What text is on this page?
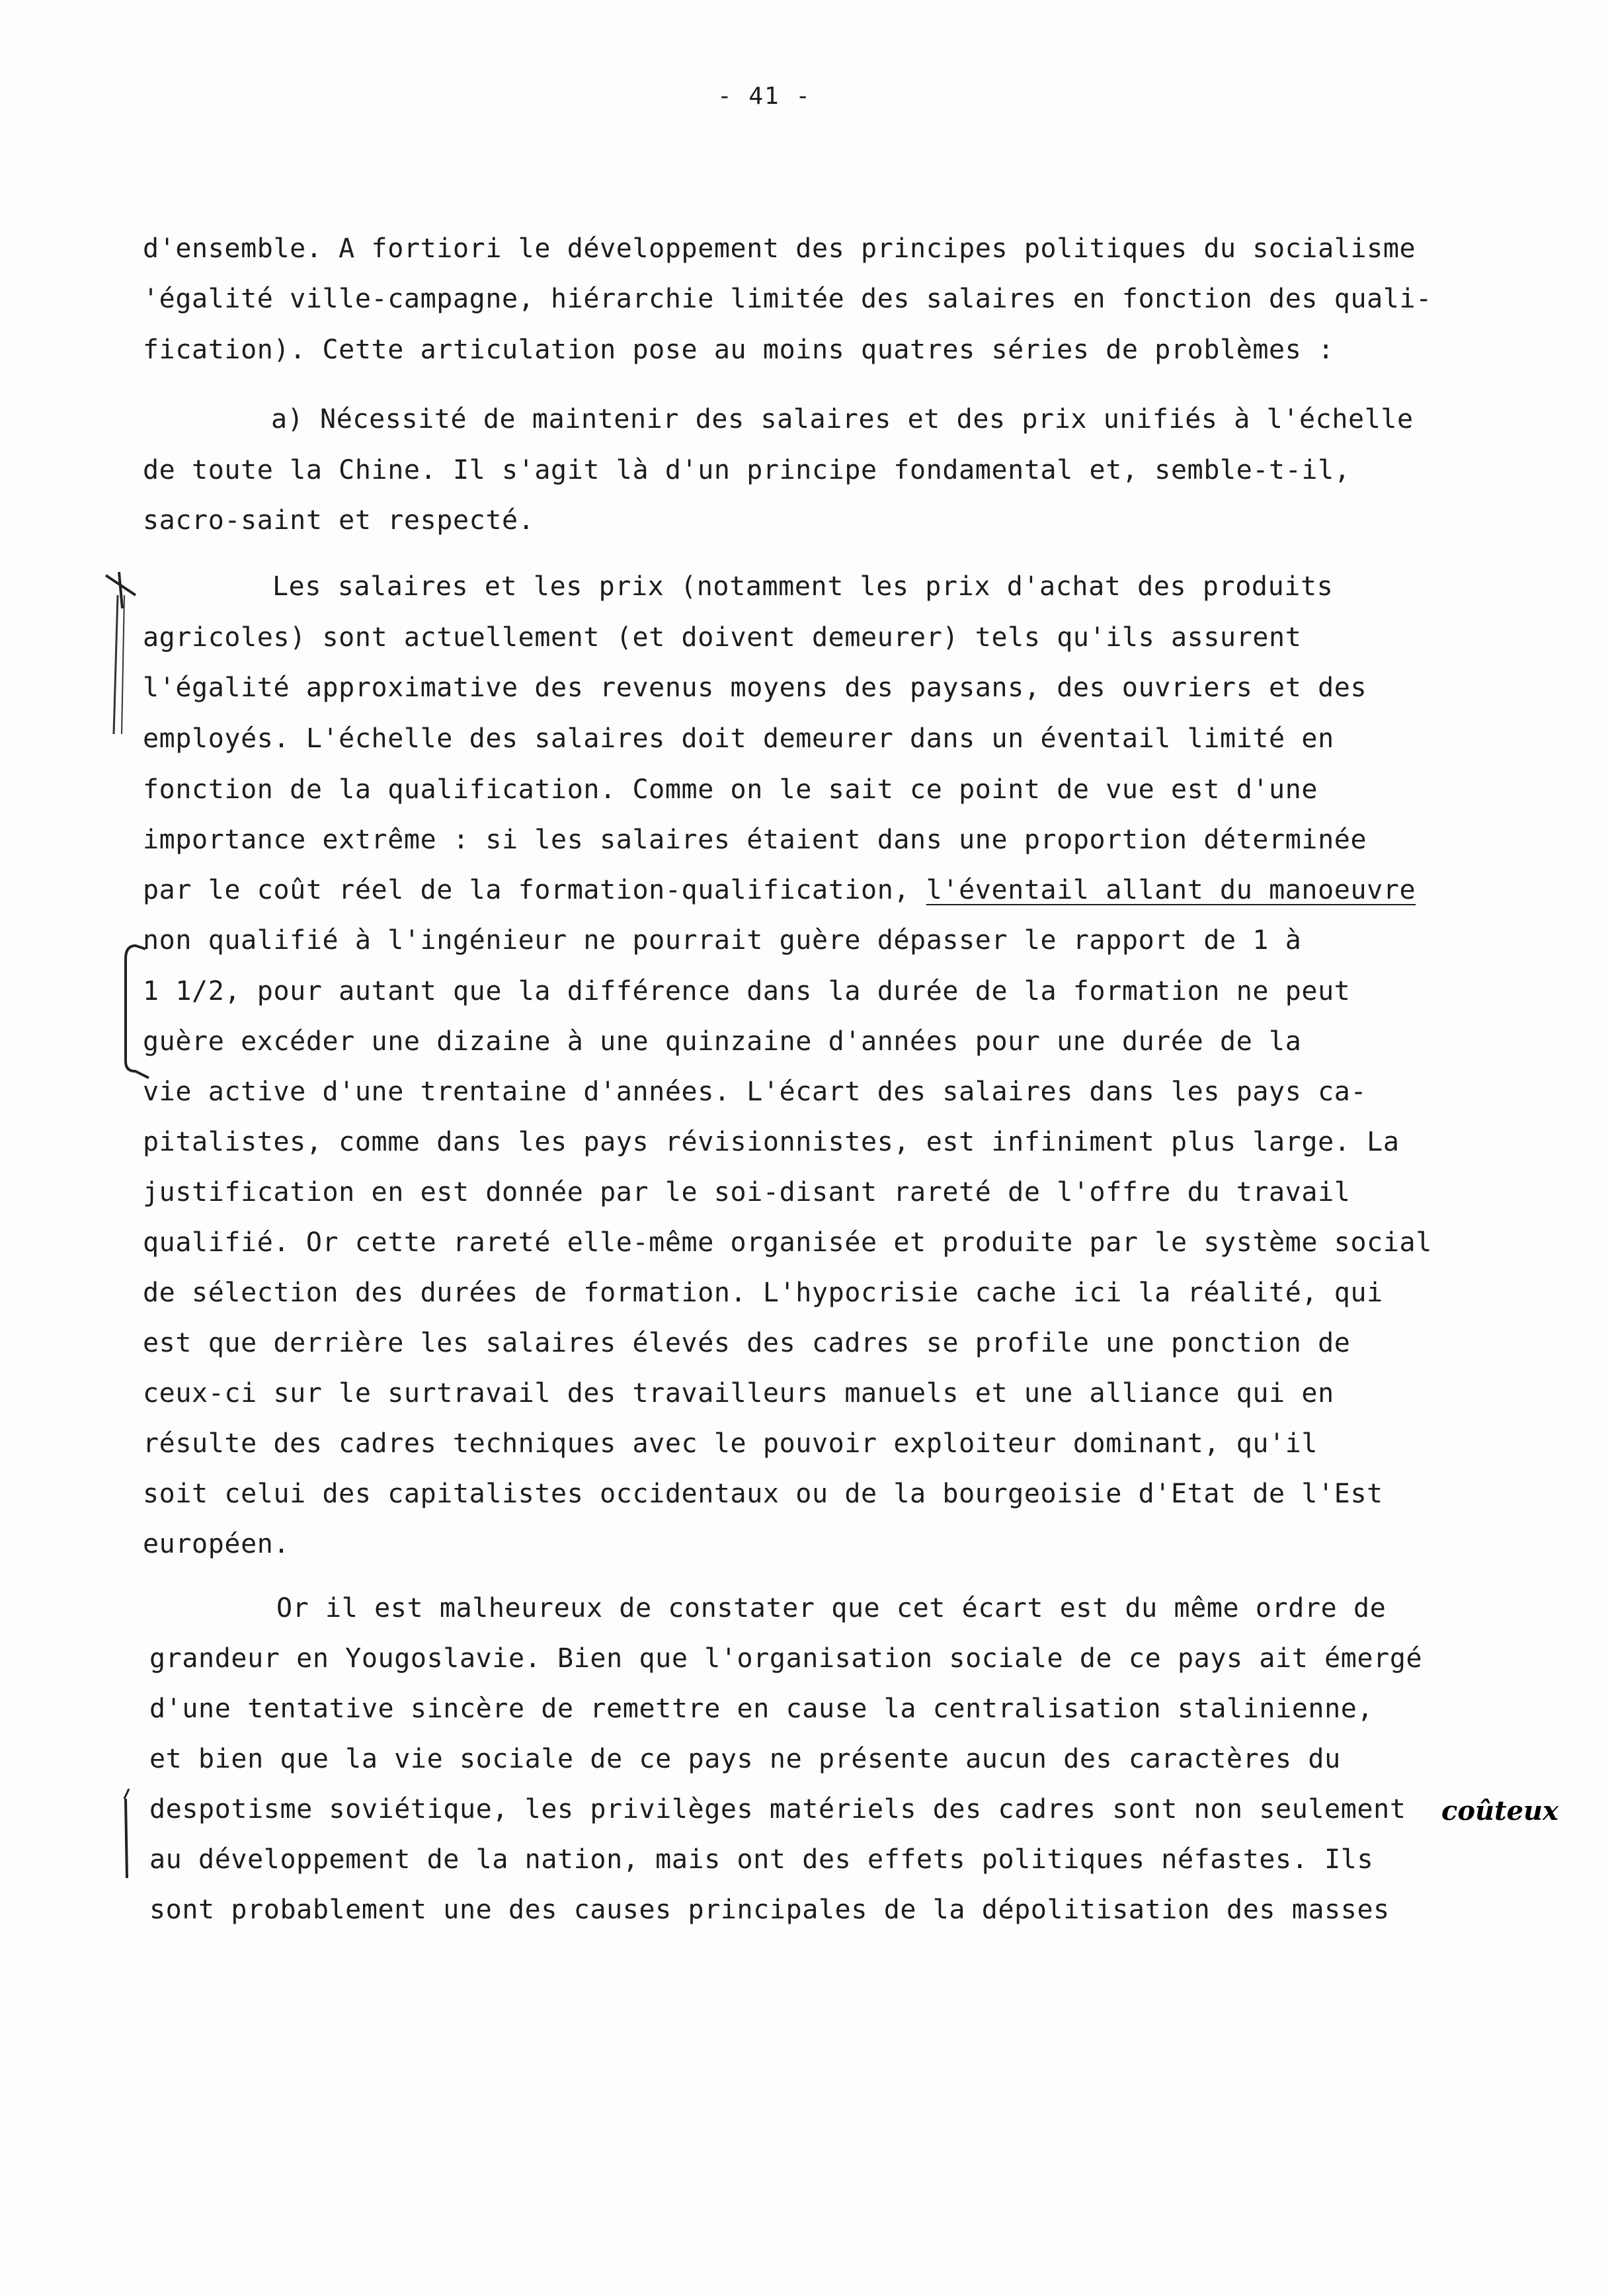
- 41 -
d'ensemble. A fortiori le développement des principes politiques du socialisme
'égalité ville-campagne, hiérarchie limitée des salaires en fonction des quali-
fication). Cette articulation pose au moins quatres séries de problèmes :
a) Nécessité de maintenir des salaires et des prix unifiés à l'échelle
de toute la Chine. Il s'agit là d'un principe fondamental et, semble-t-il,
sacro-saint et respecté.
Les salaires et les prix (notamment les prix d'achat des produits
agricoles) sont actuellement (et doivent demeurer) tels qu'ils assurent
l'égalité approximative des revenus moyens des paysans, des ouvriers et des
employés. L'échelle des salaires doit demeurer dans un éventail limité en
fonction de la qualification. Comme on le sait ce point de vue est d'une
importance extrême : si les salaires étaient dans une proportion déterminée
par le coût réel de la formation-qualification, l'éventail allant du manoeuvre
non qualifié à l'ingénieur ne pourrait guère dépasser le rapport de 1 à
1 1/2, pour autant que la différence dans la durée de la formation ne peut
guère excéder une dizaine à une quinzaine d'années pour une durée de la
vie active d'une trentaine d'années. L'écart des salaires dans les pays ca-
pitalistes, comme dans les pays révisionnistes, est infiniment plus large. La
justification en est donnée par le soi-disant rareté de l'offre du travail
qualifié. Or cette rareté elle-même organisée et produite par le système social
de sélection des durées de formation. L'hypocrisie cache ici la réalité, qui
est que derrière les salaires élevés des cadres se profile une ponction de
ceux-ci sur le surtravail des travailleurs manuels et une alliance qui en
résulte des cadres techniques avec le pouvoir exploiteur dominant, qu'il
soit celui des capitalistes occidentaux ou de la bourgeoisie d'Etat de l'Est
européen.
Or il est malheureux de constater que cet écart est du même ordre de
grandeur en Yougoslavie. Bien que l'organisation sociale de ce pays ait émergé
d'une tentative sincère de remettre en cause la centralisation stalinienne,
et bien que la vie sociale de ce pays ne présente aucun des caractères du
despotisme soviétique, les privilèges matériels des cadres sont non seulement
au développement de la nation, mais ont des effets politiques néfastes. Ils
sont probablement une des causes principales de la dépolitisation des masses
coûteux
